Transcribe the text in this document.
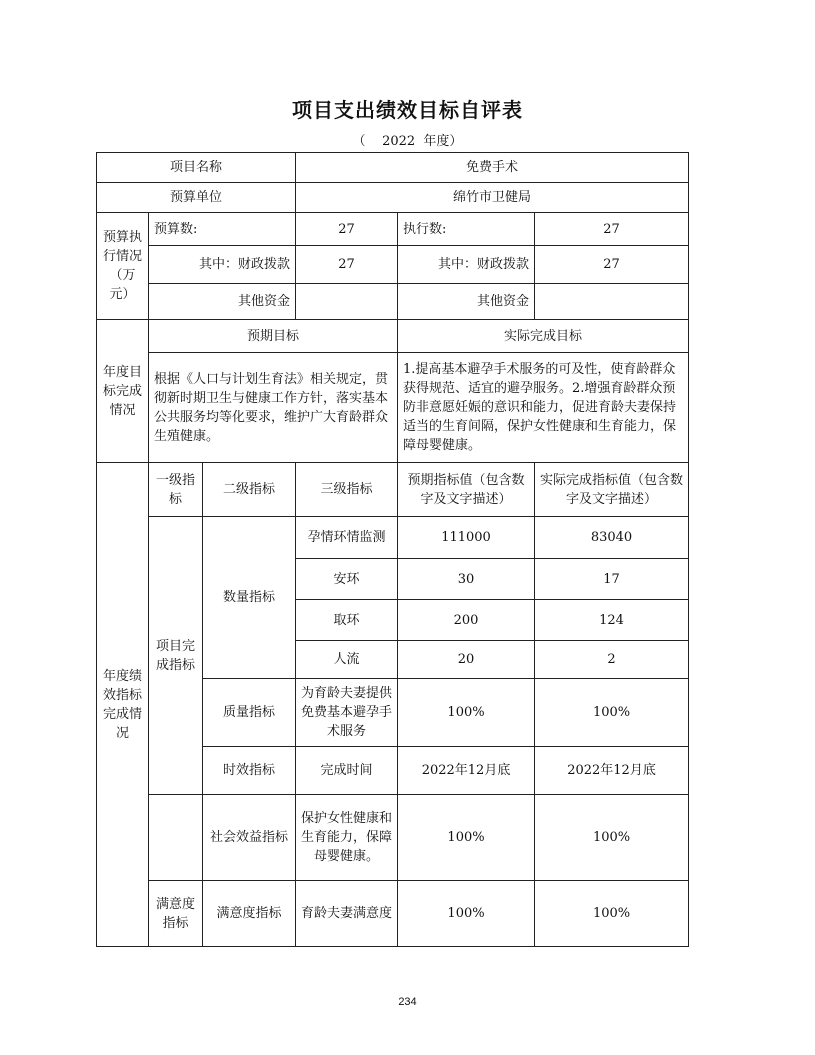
项目支出绩效目标自评表
（    2022  年度）
项目名称			免费手术		
预算单位			绵竹市卫健局		
预算执行情况（万元）	预算数:		27	执行数:	27
	其中：财政拨款		27	其中：财政拨款	27
	其他资金			其他资金	
年度目标完成情况	预期目标			实际完成目标	
	根据《人口与计划生育法》相关规定，贯彻新时期卫生与健康工作方针，落实基本公共服务均等化要求，维护广大育龄群众生殖健康。			1.提高基本避孕手术服务的可及性，使育龄群众获得规范、适宜的避孕服务。2.增强育龄群众预防非意愿妊娠的意识和能力，促进育龄夫妻保持适当的生育间隔，保护女性健康和生育能力，保障母婴健康。	
年度绩效指标完成情况	一级指标	二级指标	三级指标	预期指标值（包含数字及文字描述）	实际完成指标值（包含数字及文字描述）
	项目完成指标	数量指标	孕情环情监测	111000	83040
			安环	30	17
			取环	200	124
			人流	20	2
		质量指标	为育龄夫妻提供免费基本避孕手术服务	100%	100%
		时效指标	完成时间	2022年12月底	2022年12月底
		社会效益指标	保护女性健康和生育能力，保障母婴健康。	100%	100%
	满意度指标	满意度指标	育龄夫妻满意度	100%	100%
234
